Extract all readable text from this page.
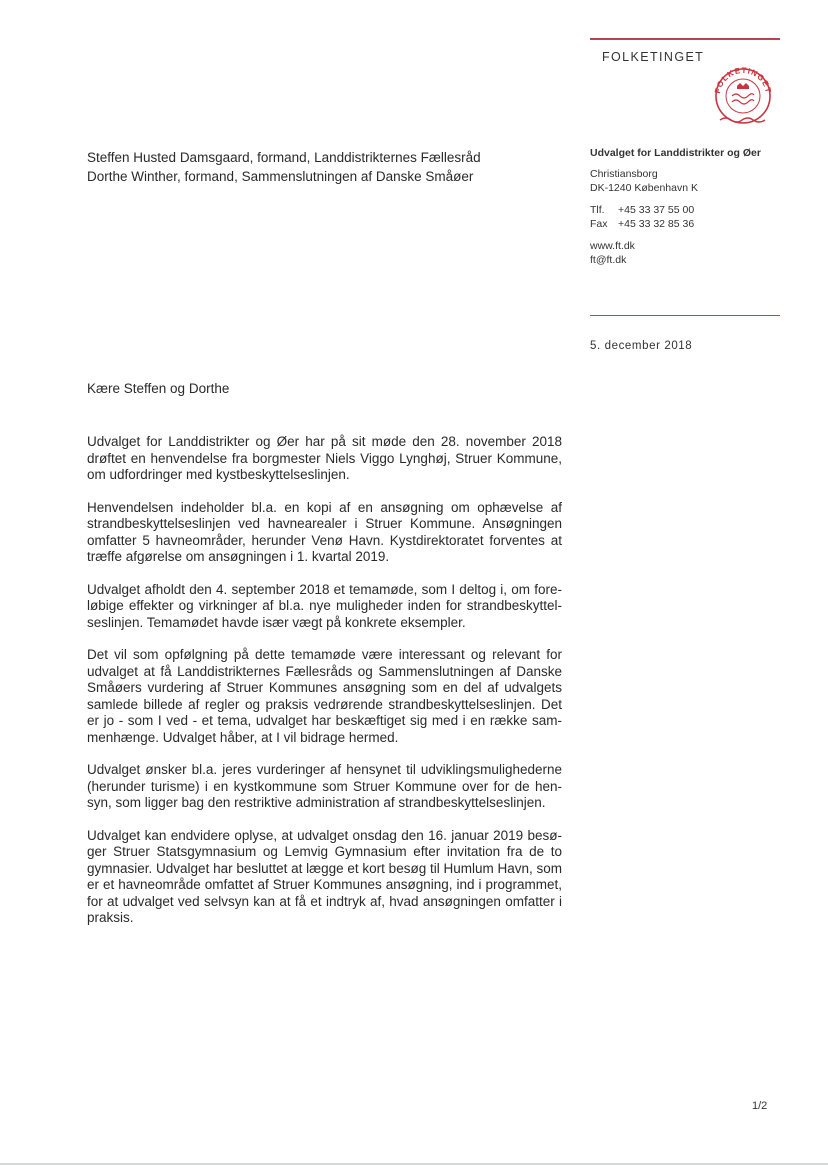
FOLKETINGET
FOLKETINGET
Steffen Husted Damsgaard, formand, Landdistrikternes Fællesråd
Dorthe Winther, formand, Sammenslutningen af Danske Småøer
Udvalget for Landdistrikter og Øer
Christiansborg
DK-1240 København K
Tlf.	+45 33 37 55 00
Fax +45 33 32 85 36
www.ft.dk
ft@ft.dk
5. december 2018
Kære Steffen og Dorthe

Udvalget for Landdistrikter og Øer har på sit møde den 28. november 2018 drøftet en henvendelse fra borgmester Niels Viggo Lynghøj, Struer Kommune, om udfordringer med kystbeskyttelseslinjen.

Henvendelsen indeholder bl.a. en kopi af en ansøgning om ophævelse af strandbeskyttelseslinjen ved havnearealer i Struer Kommune. Ansøgningen omfatter 5 havneområder, herunder Venø Havn. Kystdirektoratet forventes at træffe afgørelse om ansøgningen i 1. kvartal 2019.

Udvalget afholdt den 4. september 2018 et temamøde, som I deltog i, om foreløbige effekter og virkninger af bl.a. nye muligheder inden for strandbeskyttelseslinjen. Temamødet havde især vægt på konkrete eksempler.

Det vil som opfølgning på dette temamøde være interessant og relevant for udvalget at få Landdistrikternes Fællesråds og Sammenslutningen af Danske Småøers vurdering af Struer Kommunes ansøgning som en del af udvalgets samlede billede af regler og praksis vedrørende strandbeskyttelseslinjen. Det er jo - som I ved - et tema, udvalget har beskæftiget sig med i en række sammenhænge. Udvalget håber, at I vil bidrage hermed.

Udvalget ønsker bl.a. jeres vurderinger af hensynet til udviklingsmulighederne (herunder turisme) i en kystkommune som Struer Kommune over for de hensyn, som ligger bag den restriktive administration af strandbeskyttelseslinjen.

Udvalget kan endvidere oplyse, at udvalget onsdag den 16. januar 2019 besøger Struer Statsgymnasium og Lemvig Gymnasium efter invitation fra de to gymnasier. Udvalget har besluttet at lægge et kort besøg til Humlum Havn, som er et havneområde omfattet af Struer Kommunes ansøgning, ind i programmet, for at udvalget ved selvsyn kan at få et indtryk af, hvad ansøgningen omfatter i praksis.

1/2
